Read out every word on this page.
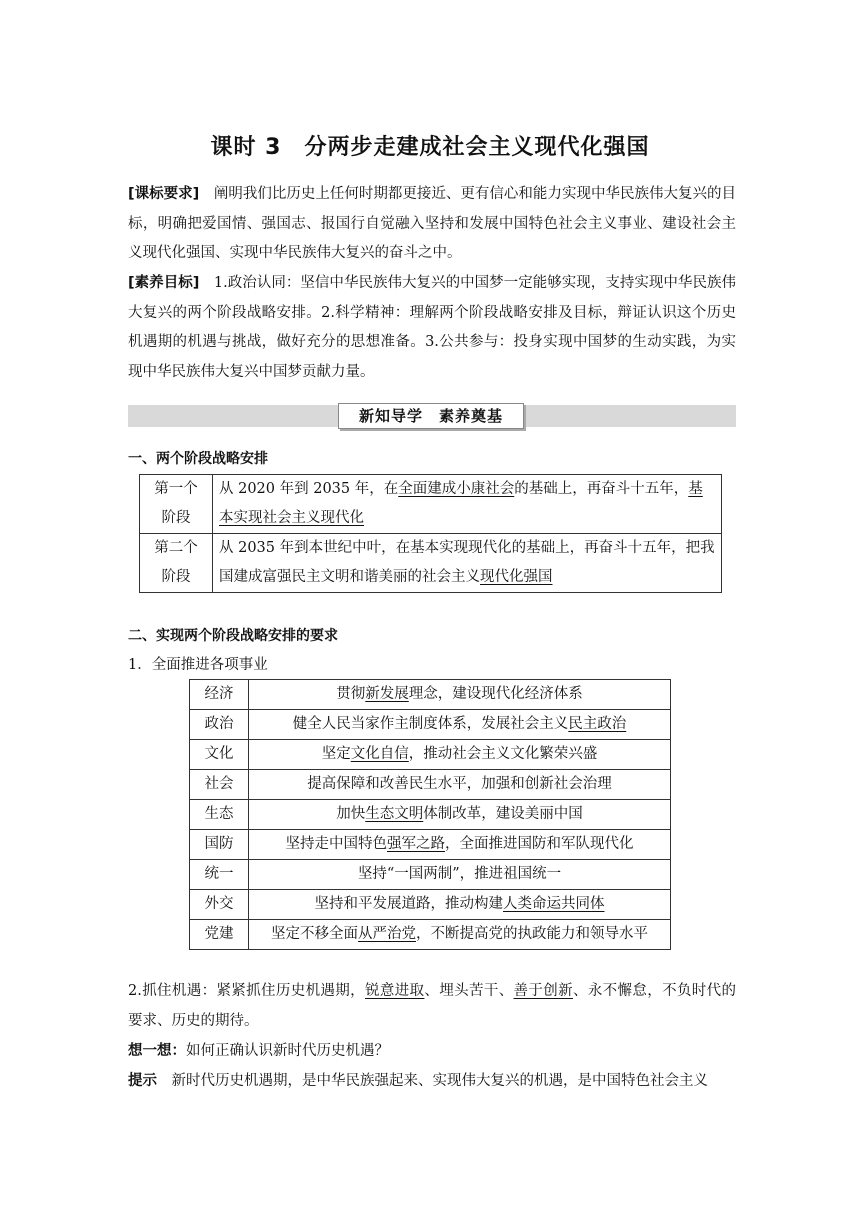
课时 3　分两步走建成社会主义现代化强国

[课标要求]　 阐明我们比历史上任何时期都更接近、更有信心和能力实现中华民族伟大复兴的目标，明确把爱国情、强国志、报国行自觉融入坚持和发展中国特色社会主义事业、建设社会主义现代化强国、实现中华民族伟大复兴的奋斗之中。

[素养目标]　 1.政治认同：坚信中华民族伟大复兴的中国梦一定能够实现，支持实现中华民族伟大复兴的两个阶段战略安排。2.科学精神：理解两个阶段战略安排及目标，辩证认识这个历史机遇期的机遇与挑战，做好充分的思想准备。3.公共参与：投身实现中国梦的生动实践，为实现中华民族伟大复兴中国梦贡献力量。

新知导学　素养奠基

一、两个阶段战略安排

第一个
阶段	从 2020 年到 2035 年，在全面建成小康社会的基础上，再奋斗十五年，基本实现社会主义现代化
第二个
阶段	从 2035 年到本世纪中叶，在基本实现现代化的基础上，再奋斗十五年，把我国建成富强民主文明和谐美丽的社会主义现代化强国

二、实现两个阶段战略安排的要求

1．全面推进各项事业

经济	贯彻新发展理念，建设现代化经济体系
政治	健全人民当家作主制度体系，发展社会主义民主政治
文化	坚定文化自信，推动社会主义文化繁荣兴盛
社会	提高保障和改善民生水平，加强和创新社会治理
生态	加快生态文明体制改革，建设美丽中国
国防	坚持走中国特色强军之路，全面推进国防和军队现代化
统一	坚持“一国两制”，推进祖国统一
外交	坚持和平发展道路，推动构建人类命运共同体
党建	坚定不移全面从严治党，不断提高党的执政能力和领导水平

2.抓住机遇：紧紧抓住历史机遇期，锐意进取、埋头苦干、善于创新、永不懈怠，不负时代的要求、历史的期待。

想一想：如何正确认识新时代历史机遇？

提示　 新时代历史机遇期，是中华民族强起来、实现伟大复兴的机遇，是中国特色社会主义
